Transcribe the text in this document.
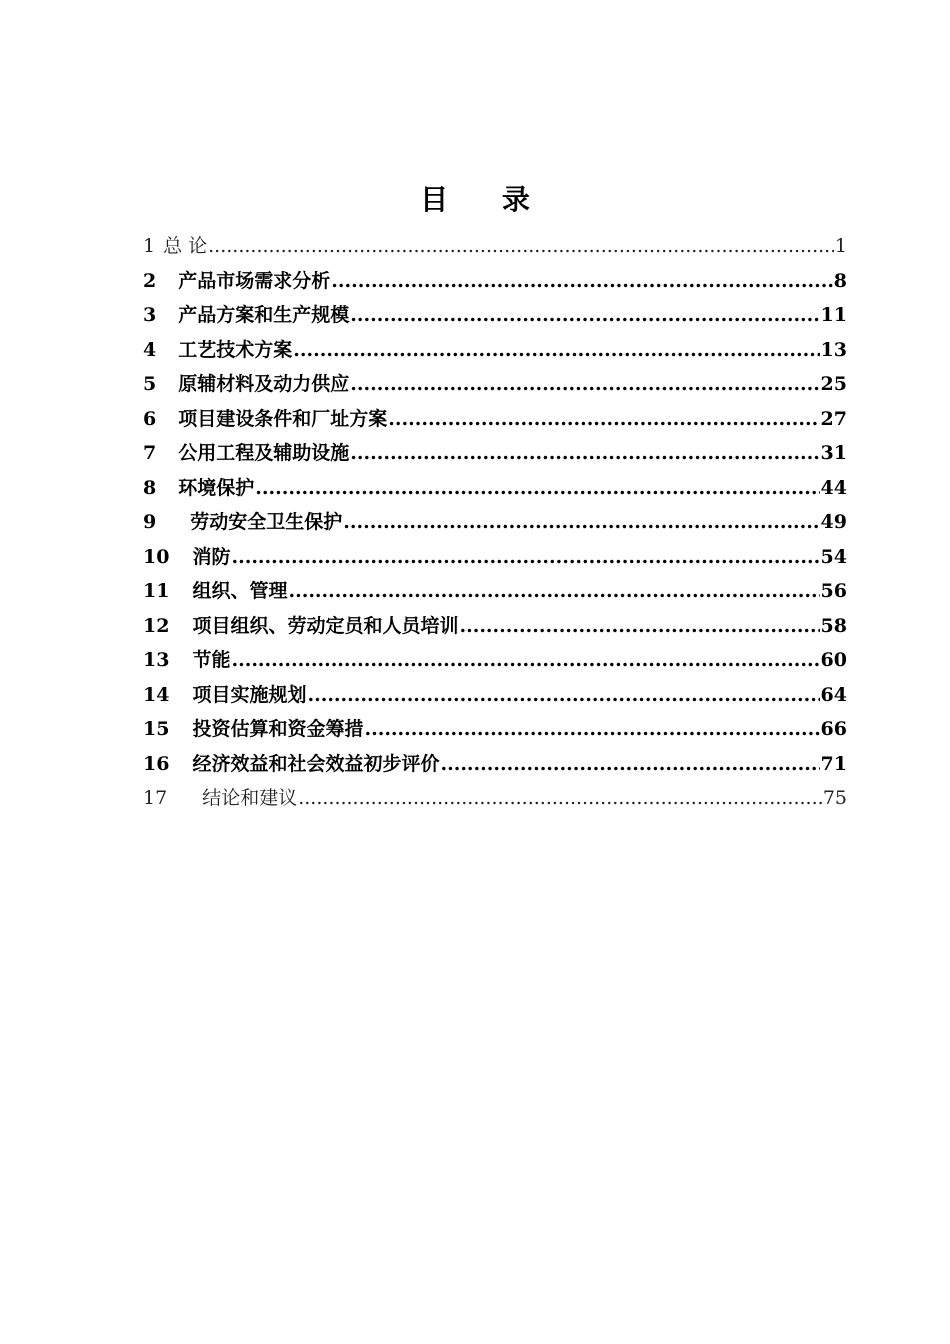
目 录
1 总 论 .....	1
2 产品市场需求分析 .....	8
3 产品方案和生产规模 .....	11
4 工艺技术方案 .....	13
5 原辅材料及动力供应 .....	25
6 项目建设条件和厂址方案 .....	27
7 公用工程及辅助设施 .....	31
8 环境保护 .....	44
9 劳动安全卫生保护 .....	49
10 消防 .....	54
11 组织、管理 .....	56
12 项目组织、劳动定员和人员培训 .....	58
13 节能 .....	60
14 项目实施规划 .....	64
15 投资估算和资金筹措 .....	66
16 经济效益和社会效益初步评价 .....	71
17 结论和建议 .....	75
